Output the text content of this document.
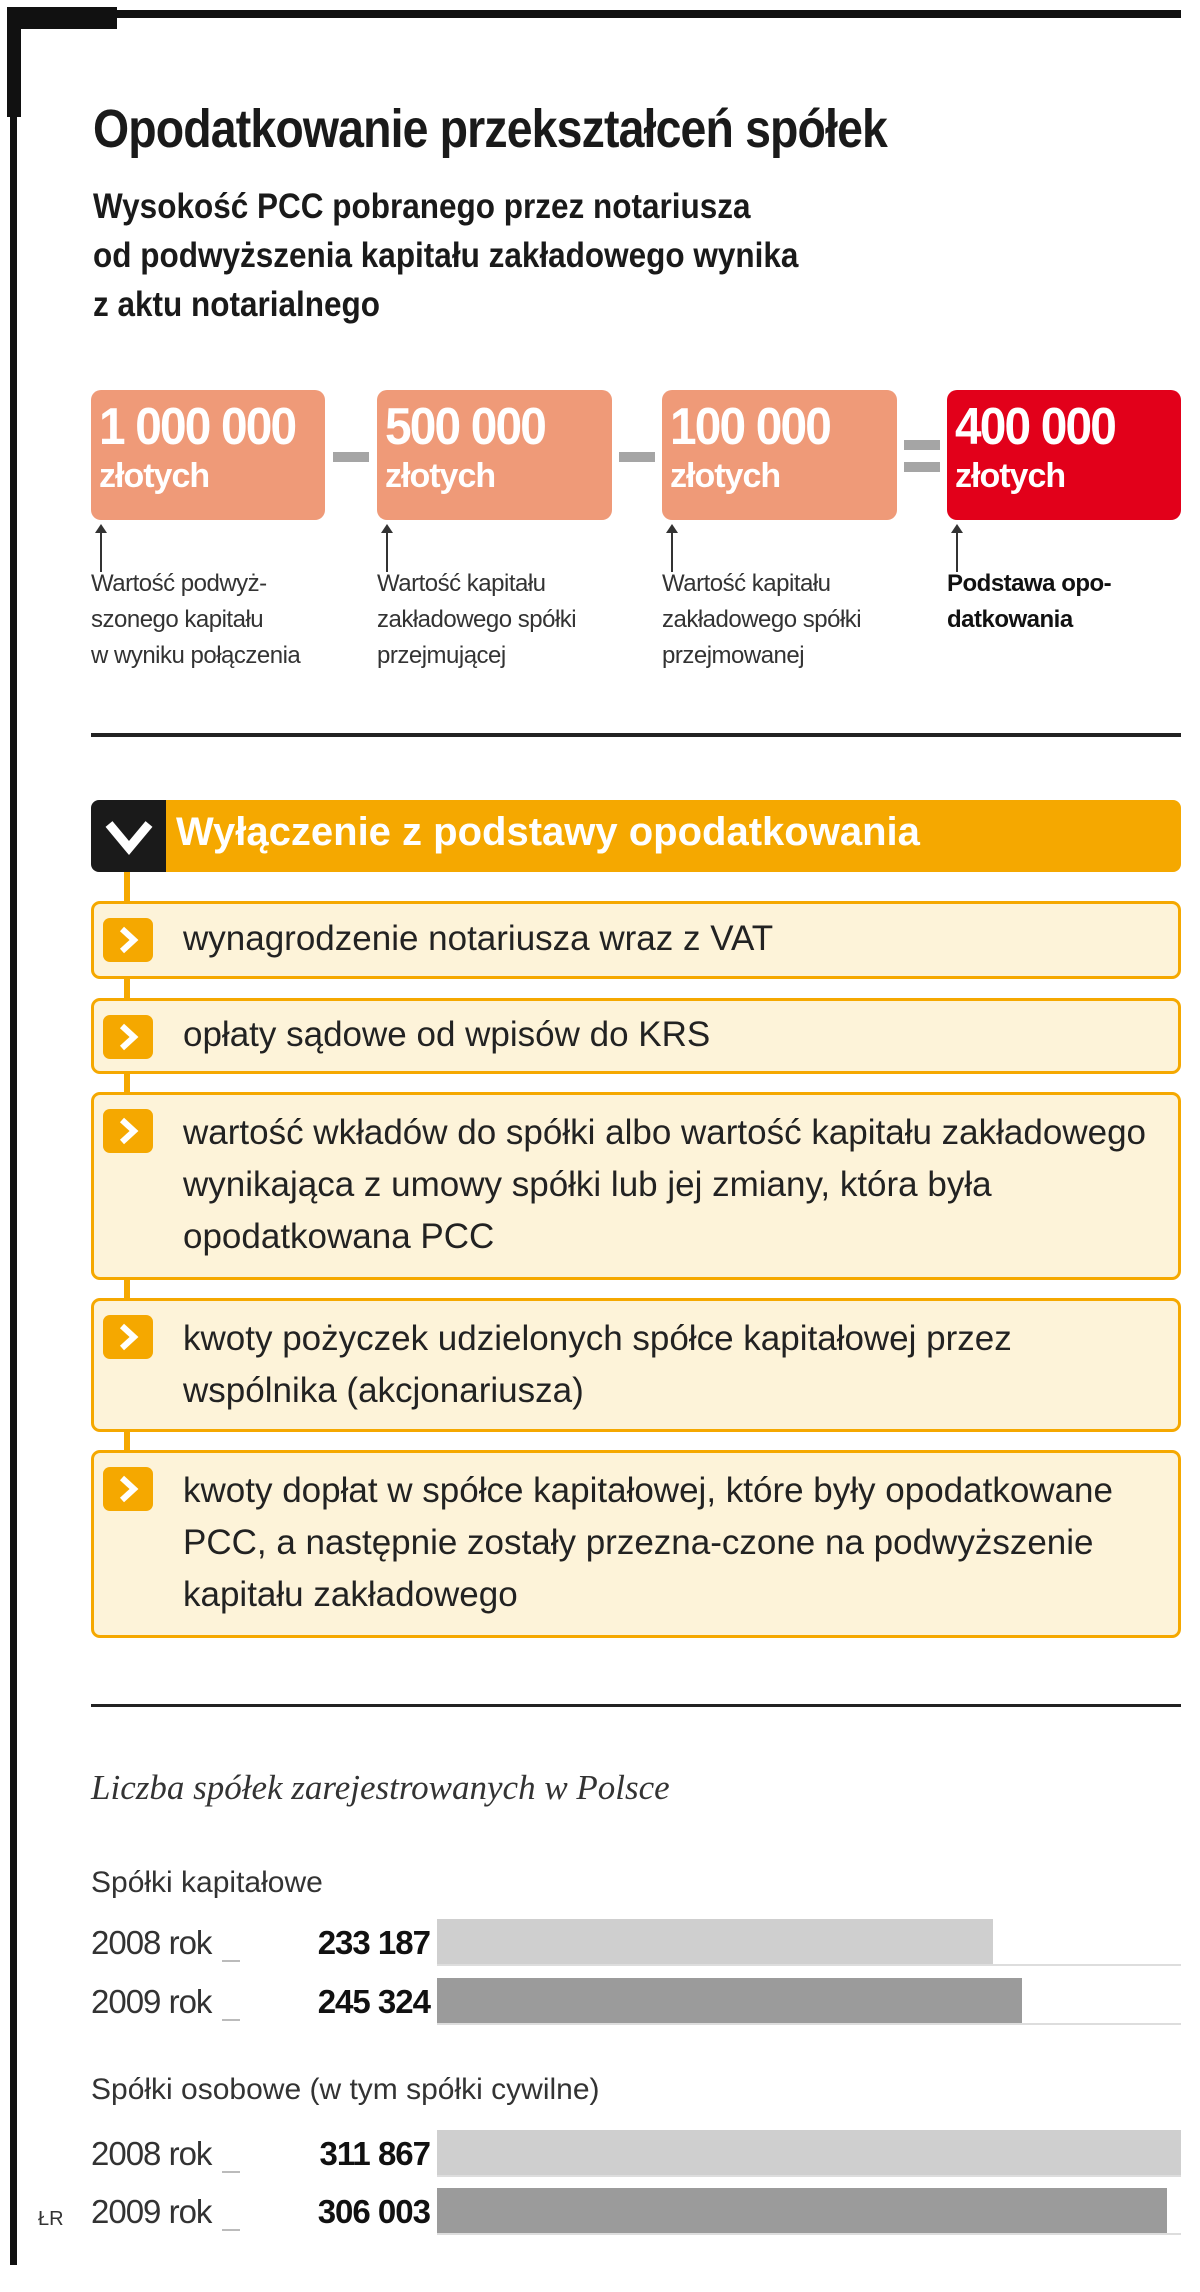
Opodatkowanie przekształceń spółek
Wysokość PCC pobranego przez notariusza
od podwyższenia kapitału zakładowego wynika
z aktu notarialnego
1 000 000
złotych
500 000
złotych
100 000
złotych
400 000
złotych
Wartość podwyż-
szonego kapitału
w wyniku połączenia
Wartość kapitału
zakładowego spółki
przejmującej
Wartość kapitału
zakładowego spółki
przejmowanej
Podstawa opo-
datkowania
Wyłączenie z podstawy opodatkowania
wynagrodzenie notariusza wraz z VAT
opłaty sądowe od wpisów do KRS
wartość wkładów do spółki albo wartość kapitału zakładowego wynikająca z umowy spółki lub jej zmiany, która była opodatkowana PCC
kwoty pożyczek udzielonych spółce kapitałowej przez wspólnika (akcjonariusza)
kwoty dopłat w spółce kapitałowej, które były opodatkowane PCC, a następnie zostały przezna-czone na podwyższenie kapitału zakładowego
Liczba spółek zarejestrowanych w Polsce
Spółki kapitałowe
2008 rok	233 187
2009 rok	245 324
Spółki osobowe (w tym spółki cywilne)
2008 rok	311 867
2009 rok	306 003
ŁR
